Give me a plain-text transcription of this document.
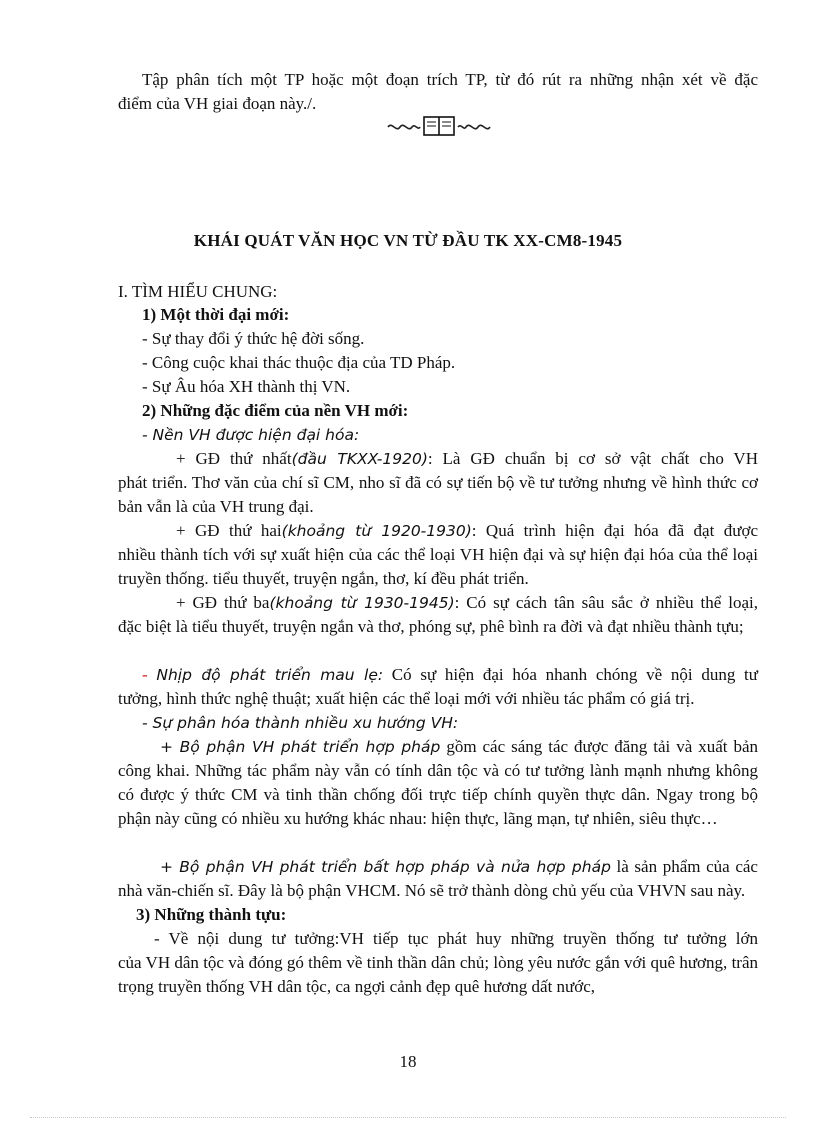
Tập phân tích một TP hoặc một đoạn trích TP, từ đó rút ra những nhận xét về đặc

điểm của VH giai đoạn này./.

KHÁI QUÁT VĂN HỌC VN TỪ ĐẦU TK XX-CM8-1945

I. TÌM HIỂU CHUNG:

1) Một thời đại mới:

- Sự thay đổi ý thức hệ đời sống.

- Công cuộc khai thác thuộc địa của TD Pháp.

- Sự Âu hóa XH thành thị VN.

2) Những đặc điểm của nền VH mới:

- Nền VH được hiện đại hóa:

+ GĐ thứ nhất(đầu TKXX-1920): Là GĐ chuẩn bị cơ sở vật chất cho VH

phát triển. Thơ văn của chí sĩ CM, nho sĩ đã có sự tiến bộ về tư tưởng nhưng về hình thức cơ bản vẫn là của VH trung đại.

+ GĐ thứ hai(khoảng từ 1920-1930): Quá trình hiện đại hóa đã đạt được

nhiều thành tích với sự xuất hiện của các thể loại VH hiện đại và sự hiện đại hóa của thể loại truyền thống. tiểu thuyết, truyện ngắn, thơ, kí đều phát triển.

+ GĐ thứ ba(khoảng từ 1930-1945): Có sự cách tân sâu sắc ở nhiều thể loại,

đặc biệt là tiểu thuyết, truyện ngắn và thơ, phóng sự, phê bình ra đời và đạt nhiều thành tựu;

- Nhịp độ phát triển mau lẹ: Có sự hiện đại hóa nhanh chóng về nội dung tư

tưởng, hình thức nghệ thuật; xuất hiện các thể loại mới với nhiều tác phẩm có giá trị.

- Sự phân hóa thành nhiều xu hướng VH:

+ Bộ phận VH phát triển hợp pháp gồm các sáng tác được đăng tải và xuất bản

công khai. Những tác phẩm này vẫn có tính dân tộc và có tư tưởng lành mạnh nhưng không có được ý thức CM và tinh thần chống đối trực tiếp chính quyền thực dân. Ngay trong bộ phận này cũng có nhiều xu hướng khác nhau: hiện thực, lãng mạn, tự nhiên, siêu thực…

+ Bộ phận VH phát triển bất hợp pháp và nửa hợp pháp là sản phẩm của các

nhà văn-chiến sĩ. Đây là bộ phận VHCM. Nó sẽ trở thành dòng chủ yếu của VHVN sau này.

3) Những thành tựu:

- Về nội dung tư tưởng:VH tiếp tục phát huy những truyền thống tư tưởng lớn

của VH dân tộc và đóng gó thêm về tinh thần dân chủ; lòng yêu nước gắn với quê hương, trân trọng truyền thống VH dân tộc, ca ngợi cảnh đẹp quê hương dất nước,

18
